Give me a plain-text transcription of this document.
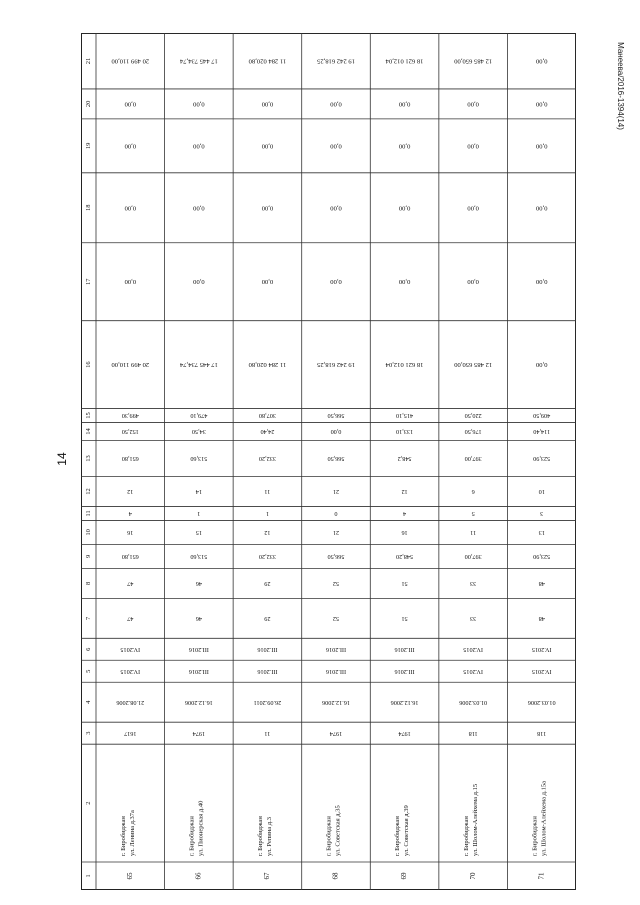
14
Манеева/2016-1394(14)
1
2
3
4
5
6
7
8
9
10
11
12
13
14
15
16
17
18
19
20
21
65
г. Биробиджан ул. Ленина д.37а
1617
21.08.2006
IV.2015
IV.2015
47
47
651,80
16
4
12
651,80
152,50
499,30
20 499 110,00
0,00
0,00
0,00
0,00
20 499 110,00
66
г. Биробиджан ул. Пионерская д.40
1974
16.12.2006
III.2016
III.2016
46
46
513,60
15
1
14
513,60
34,50
479,10
17 445 734,74
0,00
0,00
0,00
0,00
17 445 734,74
67
г. Биробиджан ул. Репина д.3
11
26.09.2011
III.2016
III.2016
29
29
332,20
12
1
11
332,20
24,40
307,80
11 284 020,80
0,00
0,00
0,00
0,00
11 284 020,80
68
г. Биробиджан ул. Советская д.35
1974
16.12.2006
III.2016
III.2016
52
52
566,50
21
0
21
566,50
0,00
566,50
19 242 618,25
0,00
0,00
0,00
0,00
19 242 618,25
69
г. Биробиджан ул. Советская д.39
1974
16.12.2006
III.2016
III.2016
51
51
548,20
16
4
12
548,2
133,10
415,10
18 621 012,04
0,00
0,00
0,00
0,00
18 621 012,04
70
г. Биробиджан ул. Шолом-Алейхема д.15
118
01.03.2006
IV.2015
IV.2015
33
33
397,00
11
5
6
397,00
176,50
220,50
12 485 650,00
0,00
0,00
0,00
0,00
12 485 650,00
71
г. Биробиджан ул. Шолом-Алейхема д.15а
118
01.03.2006
IV.2015
IV.2015
48
48
523,90
13
3
10
523,90
114,40
409,50
0,00
0,00
0,00
0,00
0,00
0,00
